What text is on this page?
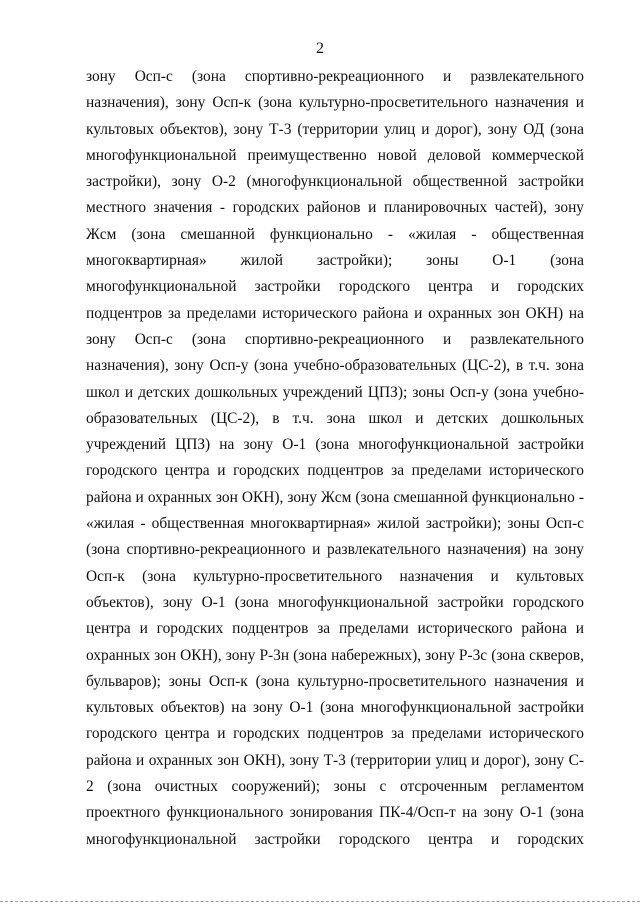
2
зону Осп-с (зона спортивно-рекреационного и развлекательного
назначения), зону Осп-к (зона культурно-просветительного назначения и
культовых объектов), зону Т-3 (территории улиц и дорог), зону ОД (зона
многофункциональной преимущественно новой деловой коммерческой
застройки), зону О-2 (многофункциональной общественной застройки
местного значения - городских районов и планировочных частей), зону
Жсм (зона смешанной функционально - «жилая - общественная
многоквартирная» жилой застройки); зоны О-1 (зона
многофункциональной застройки городского центра и городских
подцентров за пределами исторического района и охранных зон ОКН) на
зону Осп-с (зона спортивно-рекреационного и развлекательного
назначения), зону Осп-у (зона учебно-образовательных (ЦС-2), в т.ч. зона
школ и детских дошкольных учреждений ЦПЗ); зоны Осп-у (зона учебно-
образовательных (ЦС-2), в т.ч. зона школ и детских дошкольных
учреждений ЦПЗ) на зону О-1 (зона многофункциональной застройки
городского центра и городских подцентров за пределами исторического
района и охранных зон ОКН), зону Жсм (зона смешанной функционально -
«жилая - общественная многоквартирная» жилой застройки); зоны Осп-с
(зона спортивно-рекреационного и развлекательного назначения) на зону
Осп-к (зона культурно-просветительного назначения и культовых
объектов), зону О-1 (зона многофункциональной застройки городского
центра и городских подцентров за пределами исторического района и
охранных зон ОКН), зону Р-3н (зона набережных), зону Р-3с (зона скверов,
бульваров); зоны Осп-к (зона культурно-просветительного назначения и
культовых объектов) на зону О-1 (зона многофункциональной застройки
городского центра и городских подцентров за пределами исторического
района и охранных зон ОКН), зону Т-3 (территории улиц и дорог), зону С-
2 (зона очистных сооружений); зоны с отсроченным регламентом
проектного функционального зонирования ПК-4/Осп-т на зону О-1 (зона
многофункциональной застройки городского центра и городских
